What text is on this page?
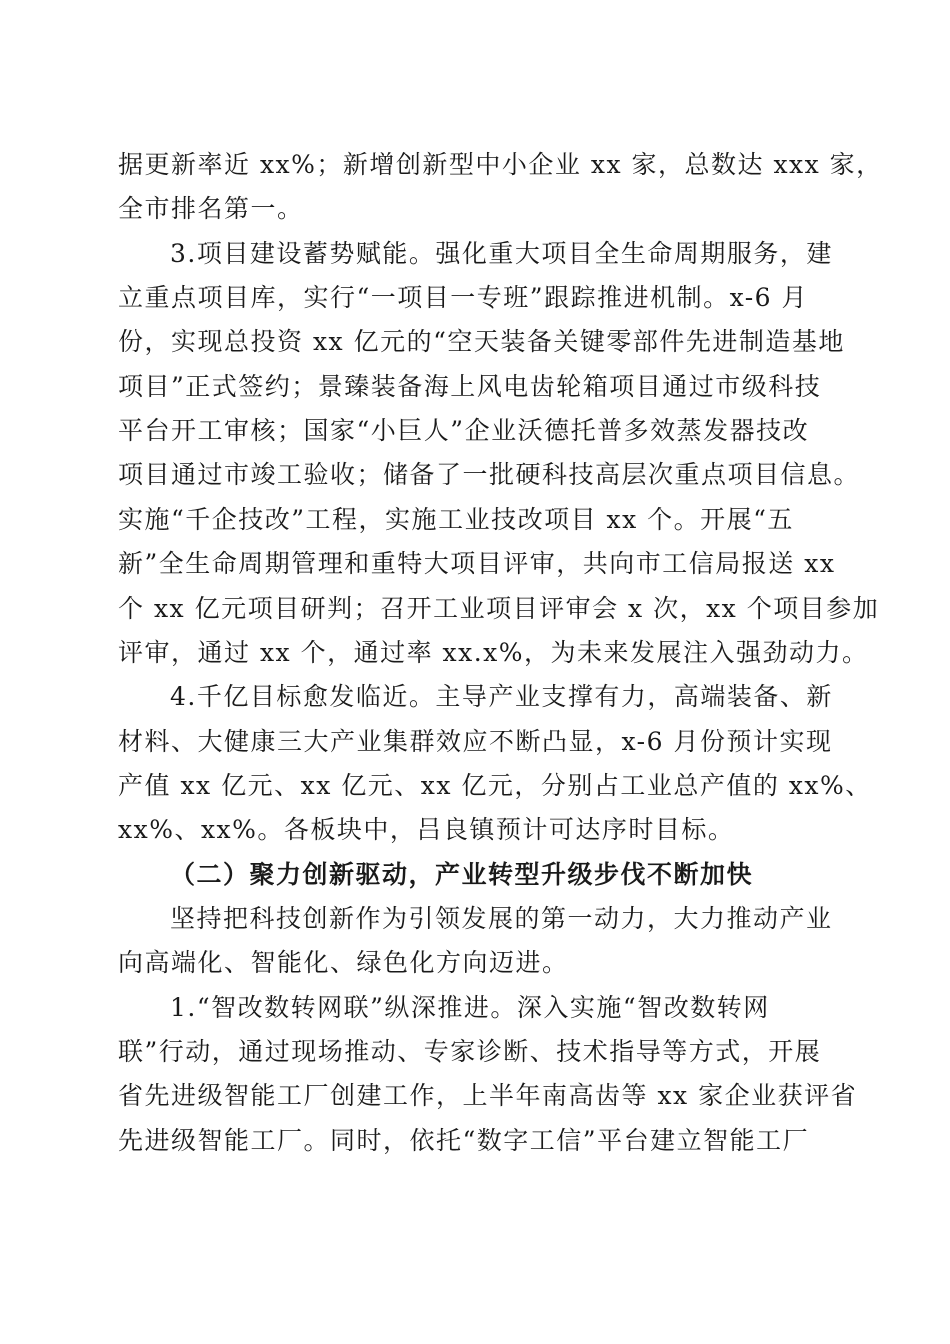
据更新率近 xx%；新增创新型中小企业 xx 家，总数达 xxx 家，
全市排名第一。
3.项目建设蓄势赋能。强化重大项目全生命周期服务，建
立重点项目库，实行“一项目一专班”跟踪推进机制。x-6 月
份，实现总投资 xx 亿元的“空天装备关键零部件先进制造基地
项目”正式签约；景臻装备海上风电齿轮箱项目通过市级科技
平台开工审核；国家“小巨人”企业沃德托普多效蒸发器技改
项目通过市竣工验收；储备了一批硬科技高层次重点项目信息。
实施“千企技改”工程，实施工业技改项目 xx 个。开展“五
新”全生命周期管理和重特大项目评审，共向市工信局报送 xx
个 xx 亿元项目研判；召开工业项目评审会 x 次，xx 个项目参加
评审，通过 xx 个，通过率 xx.x%，为未来发展注入强劲动力。
4.千亿目标愈发临近。主导产业支撑有力，高端装备、新
材料、大健康三大产业集群效应不断凸显，x-6 月份预计实现
产值 xx 亿元、xx 亿元、xx 亿元，分别占工业总产值的 xx%、
xx%、xx%。各板块中，吕良镇预计可达序时目标。
（二）聚力创新驱动，产业转型升级步伐不断加快
坚持把科技创新作为引领发展的第一动力，大力推动产业
向高端化、智能化、绿色化方向迈进。
1.“智改数转网联”纵深推进。深入实施“智改数转网
联”行动，通过现场推动、专家诊断、技术指导等方式，开展
省先进级智能工厂创建工作，上半年南高齿等 xx 家企业获评省
先进级智能工厂。同时，依托“数字工信”平台建立智能工厂
